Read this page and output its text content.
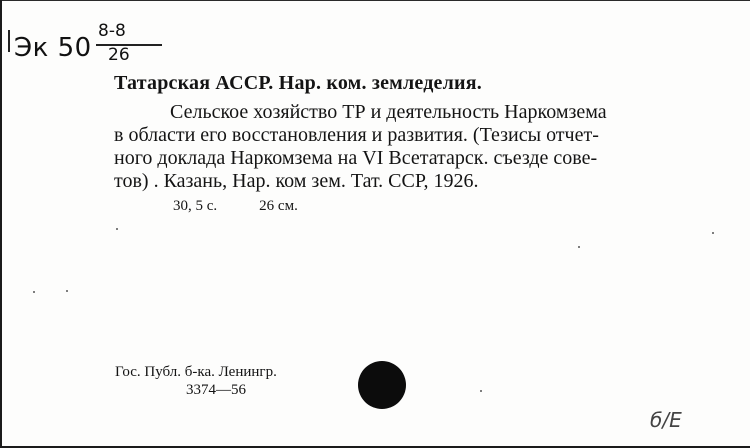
Эк 50
8-8
26
Татарская АССР. Нар. ком. земледелия.
Сельское хозяйство ТР и деятельность Наркомзема
в области его восстановления и развития. (Тезисы отчет-
ного доклада Наркомзема на VI Всетатарск. съезде сове-
тов) . Казань, Нар. ком зем. Тат. ССР, 1926.
30, 5 с.	26 см.
Гос. Публ. б-ка. Ленингр.
3374—56
б/Е
